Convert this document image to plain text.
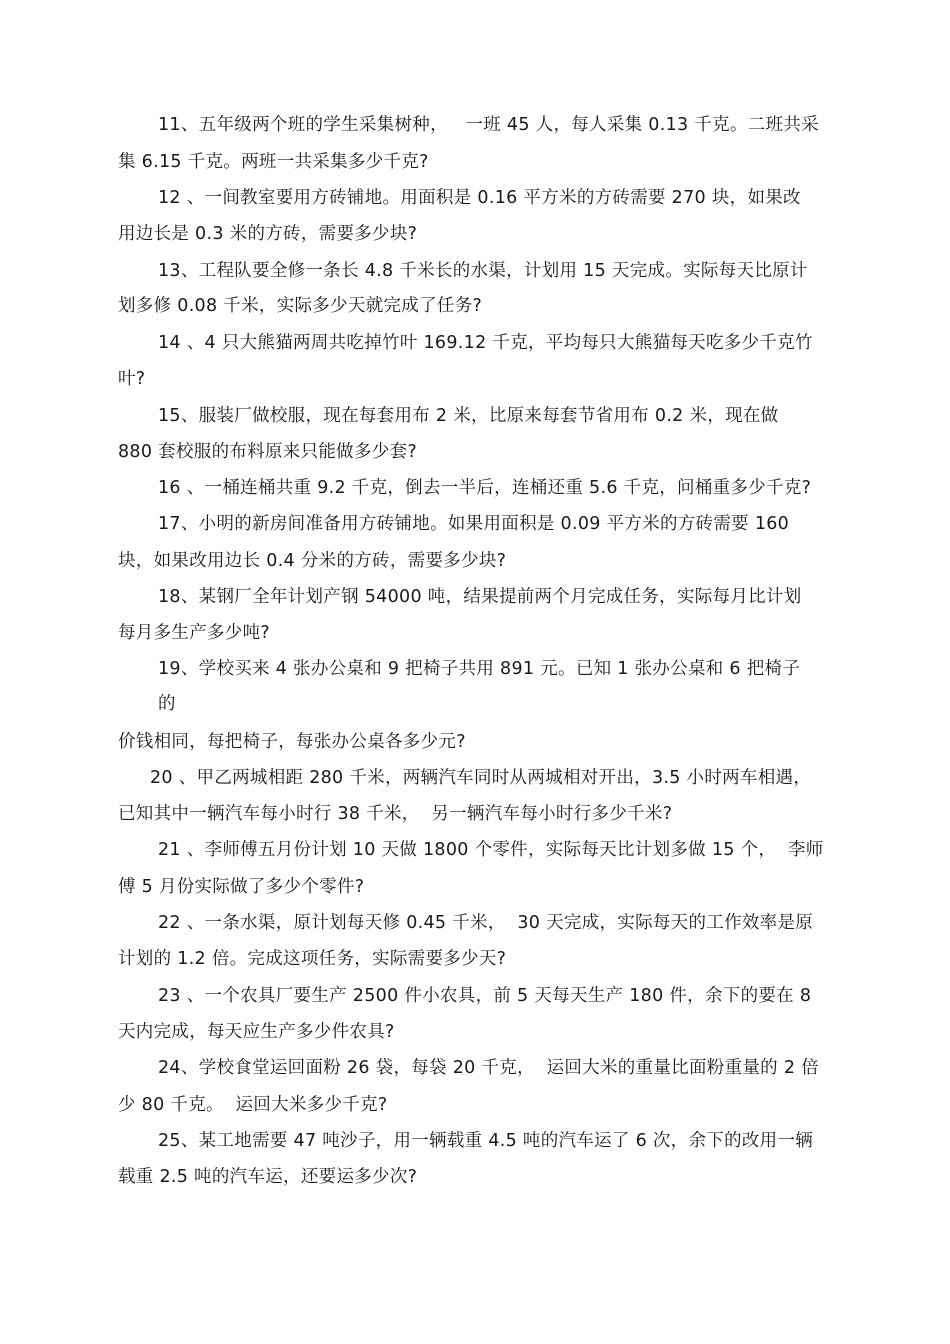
11、五年级两个班的学生采集树种，   一班 45 人，每人采集 0.13 千克。二班共采
集 6.15 千克。两班一共采集多少千克?
12 、一间教室要用方砖铺地。用面积是 0.16 平方米的方砖需要 270 块，如果改
用边长是 0.3 米的方砖，需要多少块?
13、工程队要全修一条长 4.8 千米长的水渠，计划用 15 天完成。实际每天比原计
划多修 0.08 千米，实际多少天就完成了任务?
14 、4 只大熊猫两周共吃掉竹叶 169.12 千克，平均每只大熊猫每天吃多少千克竹
叶?
15、服装厂做校服，现在每套用布 2 米，比原来每套节省用布 0.2 米，现在做
880 套校服的布料原来只能做多少套?
16 、一桶连桶共重 9.2 千克，倒去一半后，连桶还重 5.6 千克，问桶重多少千克?
17、小明的新房间准备用方砖铺地。如果用面积是 0.09 平方米的方砖需要 160
块，如果改用边长 0.4 分米的方砖，需要多少块?
18、某钢厂全年计划产钢 54000 吨，结果提前两个月完成任务，实际每月比计划
每月多生产多少吨?
19、学校买来 4 张办公桌和 9 把椅子共用 891 元。已知 1 张办公桌和 6 把椅子
的
价钱相同，每把椅子，每张办公桌各多少元?
20 、甲乙两城相距 280 千米，两辆汽车同时从两城相对开出，3.5 小时两车相遇，
已知其中一辆汽车每小时行 38 千米，  另一辆汽车每小时行多少千米?
21 、李师傅五月份计划 10 天做 1800 个零件，实际每天比计划多做 15 个，  李师
傅 5 月份实际做了多少个零件?
22 、一条水渠，原计划每天修 0.45 千米，  30 天完成，实际每天的工作效率是原
计划的 1.2 倍。完成这项任务，实际需要多少天?
23 、一个农具厂要生产 2500 件小农具，前 5 天每天生产 180 件，余下的要在 8
天内完成，每天应生产多少件农具?
24、学校食堂运回面粉 26 袋，每袋 20 千克，  运回大米的重量比面粉重量的 2 倍
少 80 千克。  运回大米多少千克?
25、某工地需要 47 吨沙子，用一辆载重 4.5 吨的汽车运了 6 次，余下的改用一辆
载重 2.5 吨的汽车运，还要运多少次?
